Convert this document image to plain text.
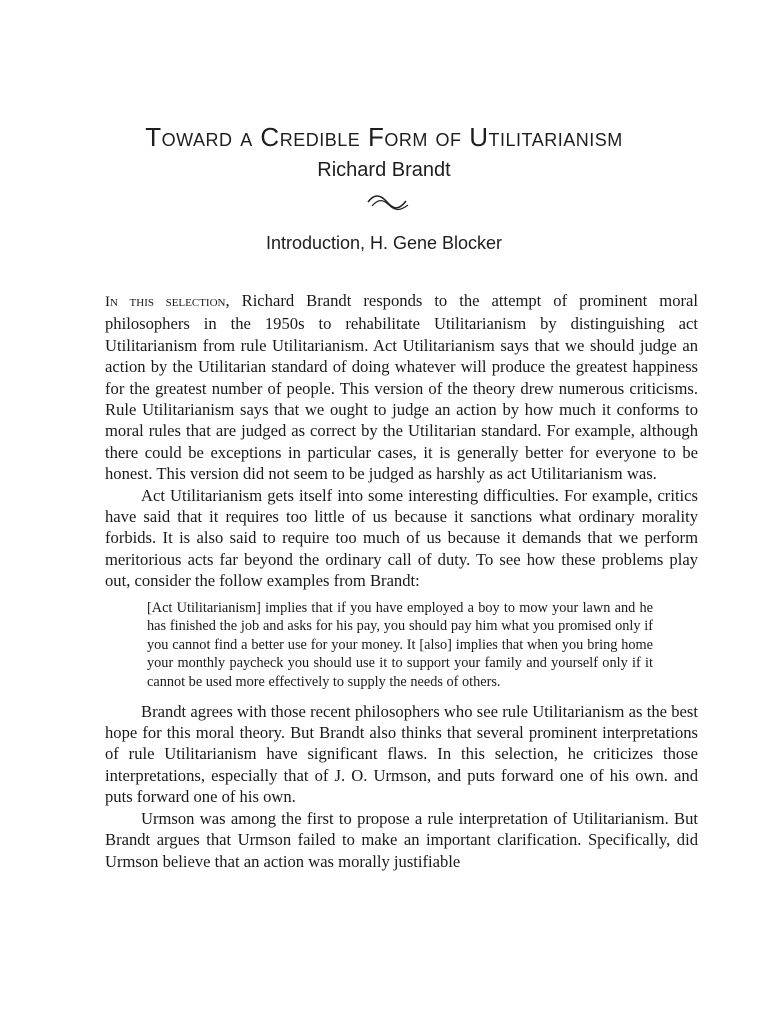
Toward a Credible Form of Utilitarianism
Richard Brandt
Introduction, H. Gene Blocker

In this selection, Richard Brandt responds to the attempt of prominent moral philosophers in the 1950s to rehabilitate Utilitarianism by distinguishing act Utilitarianism from rule Utilitarianism. Act Utilitarianism says that we should judge an action by the Utilitarian standard of doing whatever will produce the greatest happiness for the greatest number of people. This version of the theory drew numerous criticisms. Rule Utilitarianism says that we ought to judge an action by how much it conforms to moral rules that are judged as correct by the Utilitarian standard. For example, although there could be exceptions in particular cases, it is generally better for everyone to be honest. This version did not seem to be judged as harshly as act Utilitarianism was.

Act Utilitarianism gets itself into some interesting difficulties. For example, critics have said that it requires too little of us because it sanctions what ordinary morality forbids. It is also said to require too much of us because it demands that we perform meritorious acts far beyond the ordinary call of duty. To see how these problems play out, consider the follow examples from Brandt:

[Act Utilitarianism] implies that if you have employed a boy to mow your lawn and he has finished the job and asks for his pay, you should pay him what you promised only if you cannot find a better use for your money. It [also] implies that when you bring home your monthly paycheck you should use it to support your family and yourself only if it cannot be used more effectively to supply the needs of others.

Brandt agrees with those recent philosophers who see rule Utilitarianism as the best hope for this moral theory. But Brandt also thinks that several prominent interpretations of rule Utilitarianism have significant flaws. In this selection, he criticizes those interpretations, especially that of J. O. Urmson, and puts forward one of his own. and puts forward one of his own.

Urmson was among the first to propose a rule interpretation of Utilitarianism. But Brandt argues that Urmson failed to make an important clarification. Specifically, did Urmson believe that an action was morally justifiable
